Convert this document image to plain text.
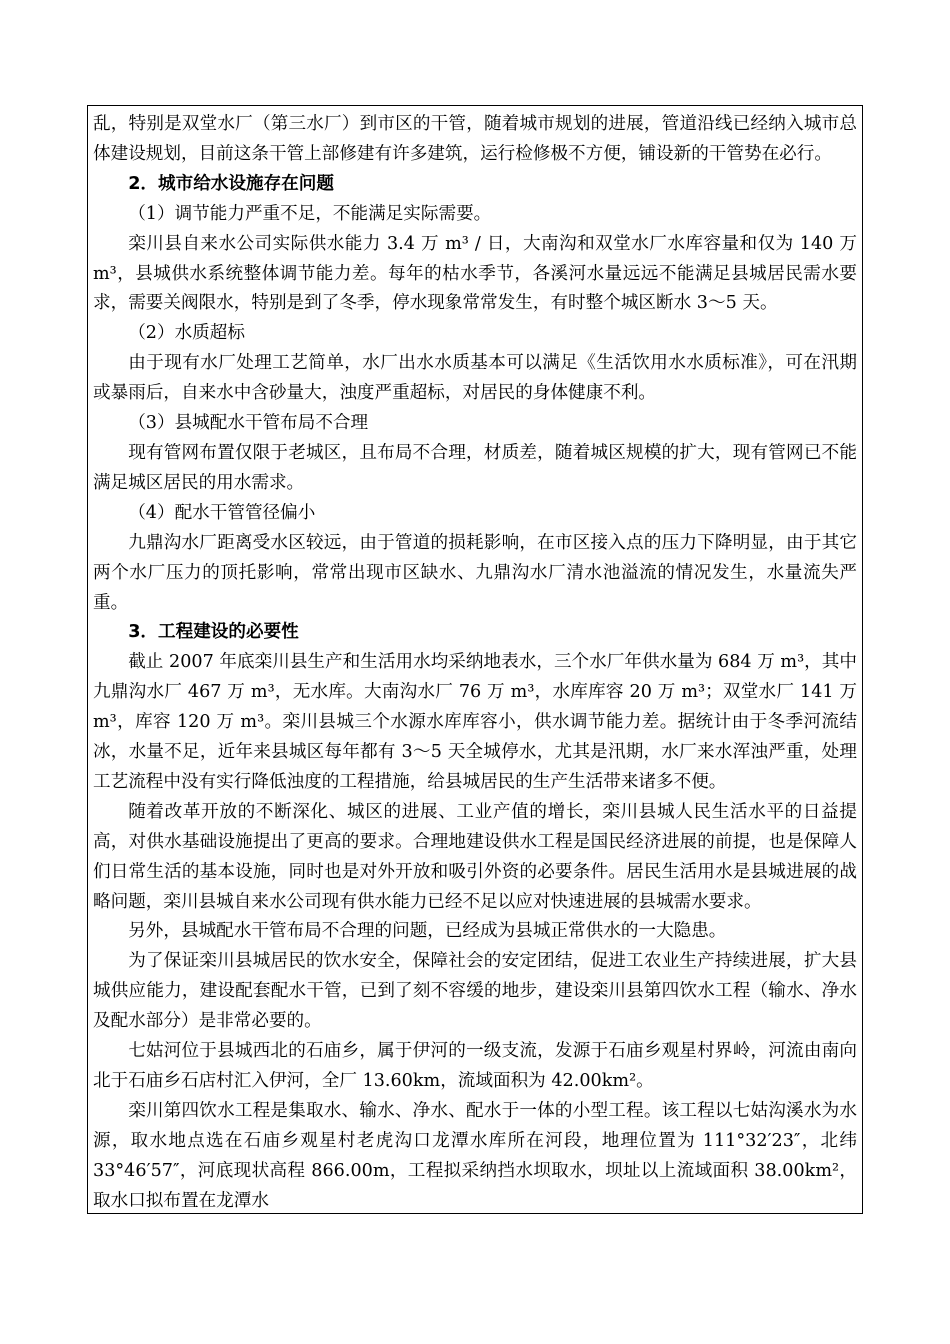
乱，特别是双堂水厂（第三水厂）到市区的干管，随着城市规划的进展，管道沿线已经纳入城市总体建设规划，目前这条干管上部修建有许多建筑，运行检修极不方便，铺设新的干管势在必行。

2．城市给水设施存在问题

（1）调节能力严重不足，不能满足实际需要。

栾川县自来水公司实际供水能力 3.4 万 m³ / 日，大南沟和双堂水厂水库容量和仅为 140 万 m³，县城供水系统整体调节能力差。每年的枯水季节，各溪河水量远远不能满足县城居民需水要求，需要关阀限水，特别是到了冬季，停水现象常常发生，有时整个城区断水 3～5 天。

（2）水质超标

由于现有水厂处理工艺简单，水厂出水水质基本可以满足《生活饮用水水质标准》，可在汛期或暴雨后，自来水中含砂量大，浊度严重超标，对居民的身体健康不利。

（3）县城配水干管布局不合理

现有管网布置仅限于老城区，且布局不合理，材质差，随着城区规模的扩大，现有管网已不能满足城区居民的用水需求。

（4）配水干管管径偏小

九鼎沟水厂距离受水区较远，由于管道的损耗影响，在市区接入点的压力下降明显，由于其它两个水厂压力的顶托影响，常常出现市区缺水、九鼎沟水厂清水池溢流的情况发生，水量流失严重。

3．工程建设的必要性

截止 2007 年底栾川县生产和生活用水均采纳地表水，三个水厂年供水量为 684 万 m³，其中九鼎沟水厂 467 万 m³，无水库。大南沟水厂 76 万 m³，水库库容 20 万 m³；双堂水厂 141 万 m³，库容 120 万 m³。栾川县城三个水源水库库容小，供水调节能力差。据统计由于冬季河流结冰，水量不足，近年来县城区每年都有 3～5 天全城停水，尤其是汛期，水厂来水浑浊严重，处理工艺流程中没有实行降低浊度的工程措施，给县城居民的生产生活带来诸多不便。

随着改革开放的不断深化、城区的进展、工业产值的增长，栾川县城人民生活水平的日益提高，对供水基础设施提出了更高的要求。合理地建设供水工程是国民经济进展的前提，也是保障人们日常生活的基本设施，同时也是对外开放和吸引外资的必要条件。居民生活用水是县城进展的战略问题，栾川县城自来水公司现有供水能力已经不足以应对快速进展的县城需水要求。

另外，县城配水干管布局不合理的问题，已经成为县城正常供水的一大隐患。

为了保证栾川县城居民的饮水安全，保障社会的安定团结，促进工农业生产持续进展，扩大县城供应能力，建设配套配水干管，已到了刻不容缓的地步，建设栾川县第四饮水工程（输水、净水及配水部分）是非常必要的。

七姑河位于县城西北的石庙乡，属于伊河的一级支流，发源于石庙乡观星村界岭，河流由南向北于石庙乡石店村汇入伊河，全厂 13.60km，流域面积为 42.00km²。

栾川第四饮水工程是集取水、输水、净水、配水于一体的小型工程。该工程以七姑沟溪水为水源，取水地点选在石庙乡观星村老虎沟口龙潭水库所在河段，地理位置为 111°32′23″，北纬 33°46′57″，河底现状高程 866.00m，工程拟采纳挡水坝取水，坝址以上流域面积 38.00km²，取水口拟布置在龙潭水
